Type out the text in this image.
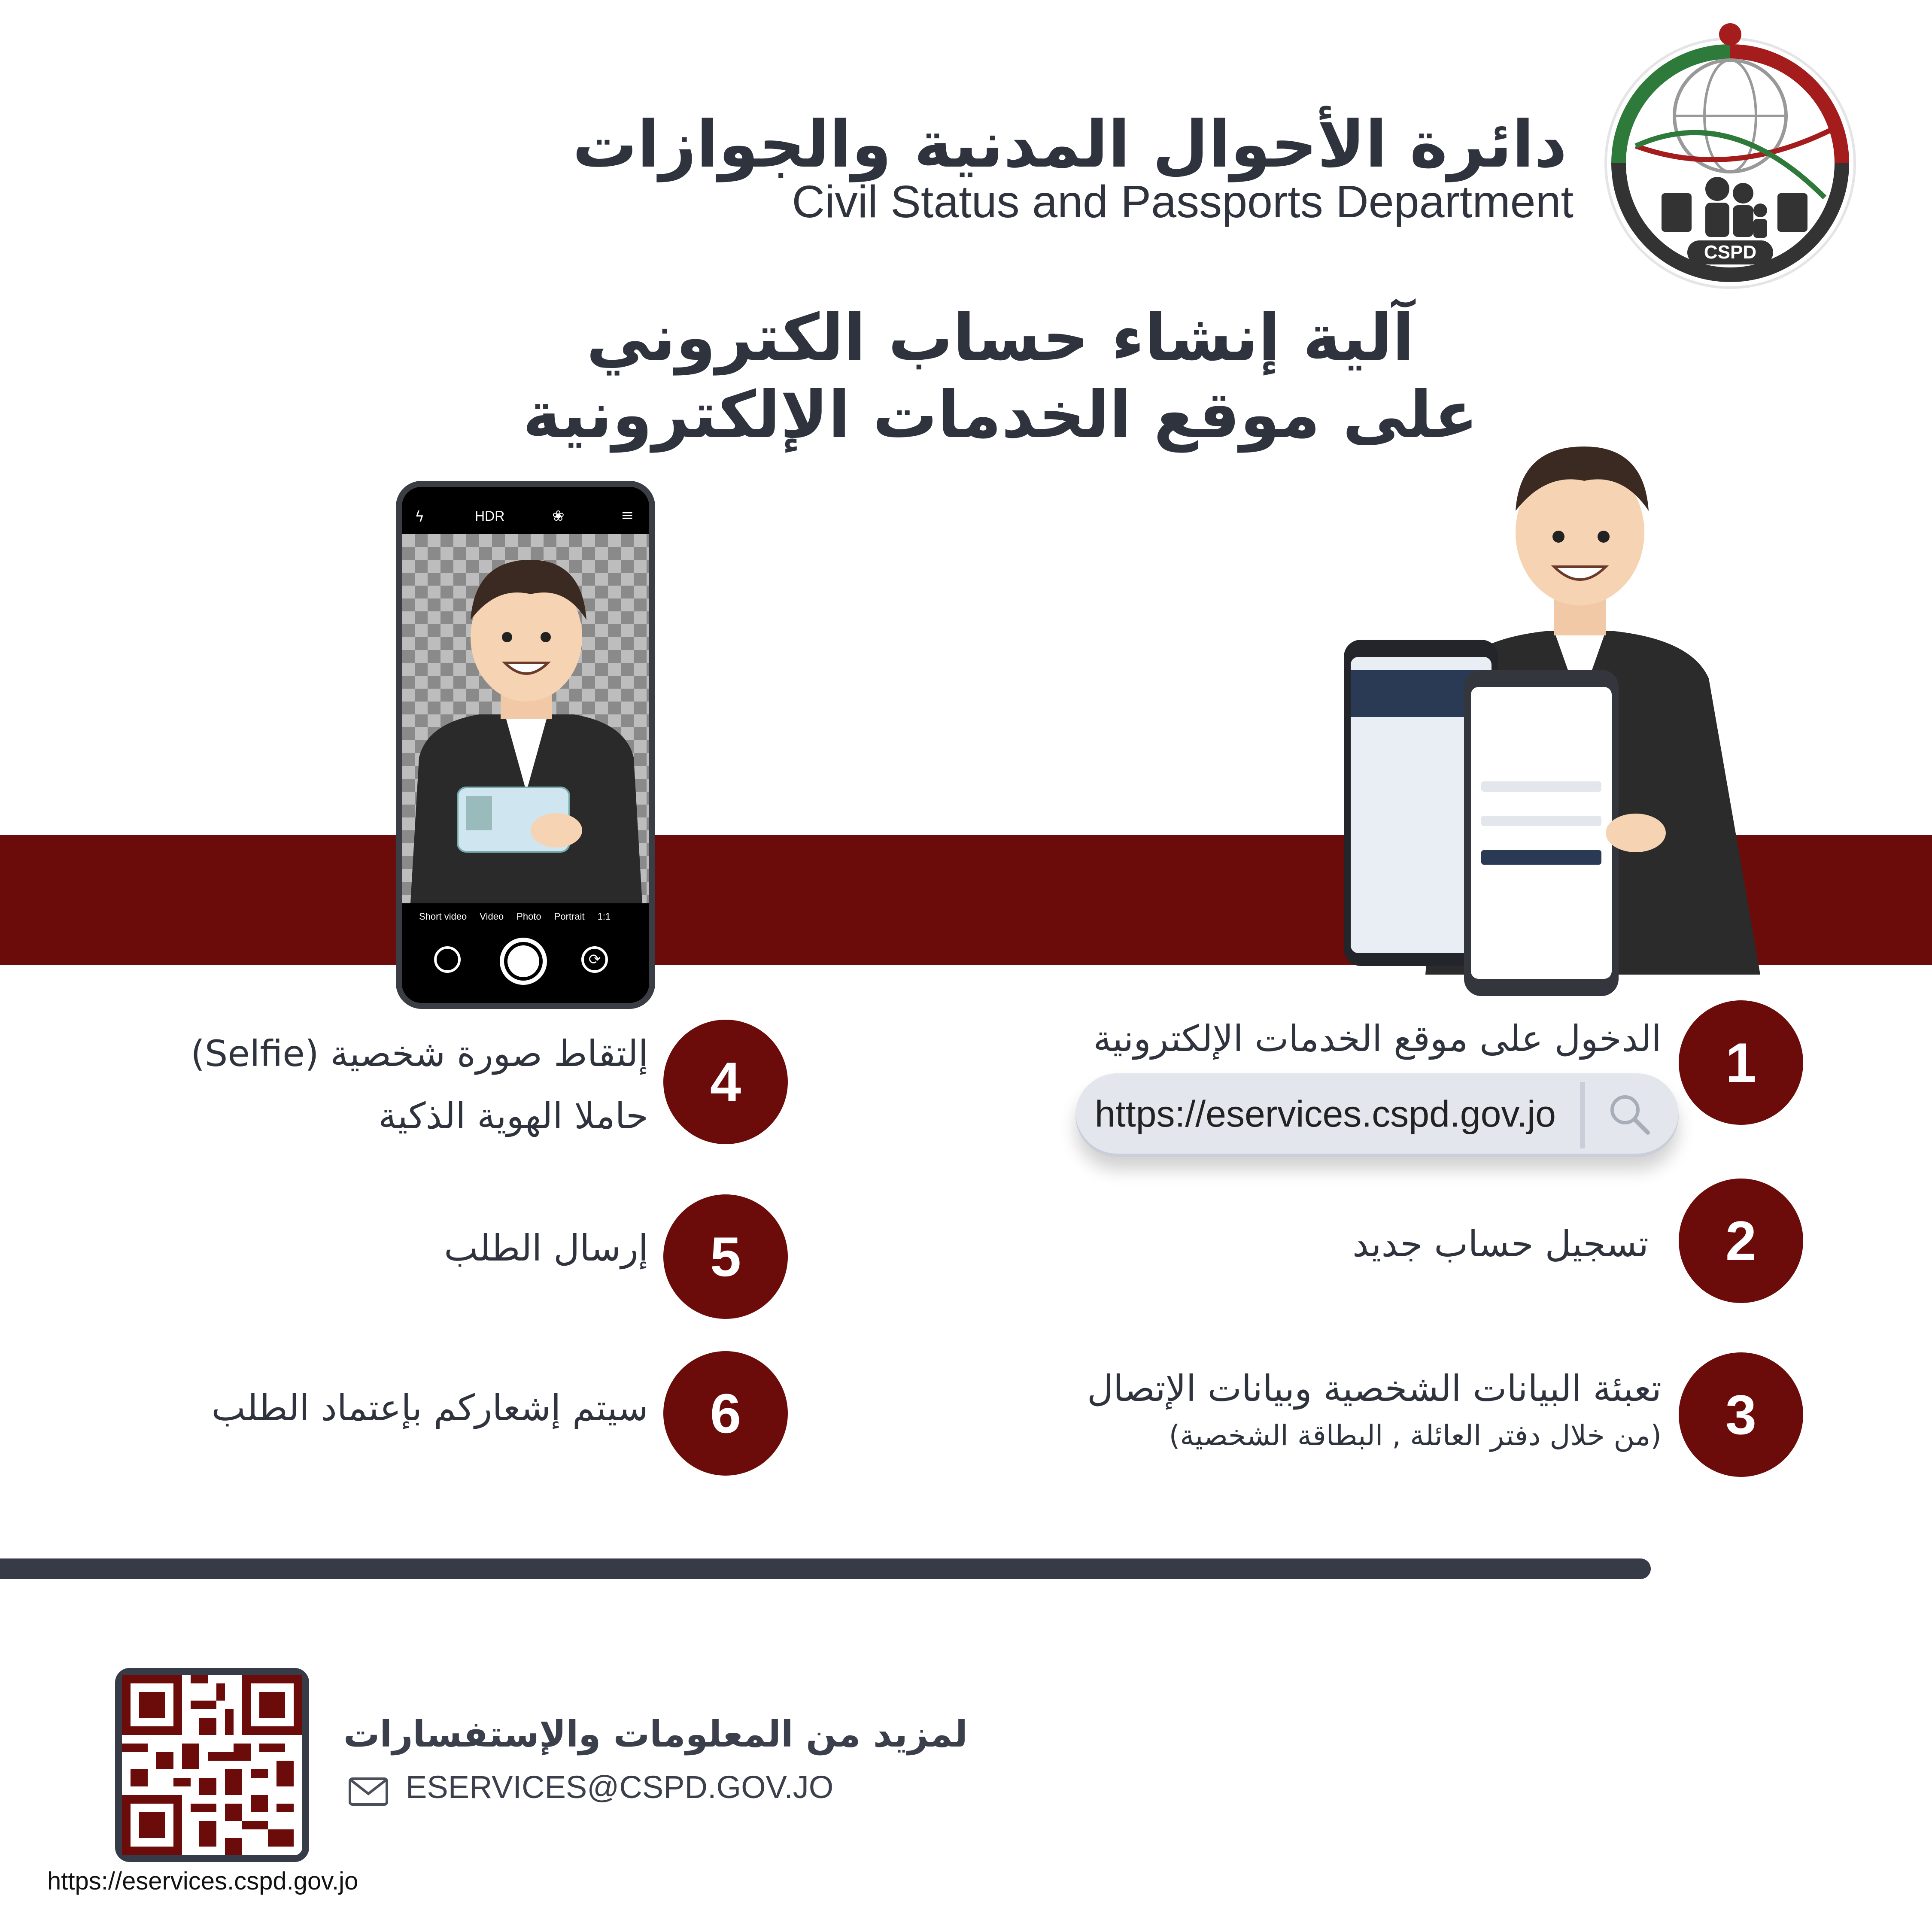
دائرة الأحوال المدنية والجوازات
Civil Status and Passports Department
CSPD
آلية إنشاء حساب الكتروني
على موقع الخدمات الإلكترونية
ϟ	HDR	❀	≡
Short video Video Photo Portrait 1:1
⟳
1
الدخول على موقع الخدمات الإلكترونية
https://eservices.cspd.gov.jo
2
تسجيل حساب جديد
3
تعبئة البيانات الشخصية وبيانات الإتصال
(من خلال دفتر العائلة , البطاقة الشخصية)
4
إلتقاط صورة شخصية (Selfie)
حاملا الهوية الذكية
5
إرسال الطلب
6
سيتم إشعاركم بإعتماد الطلب
لمزيد من المعلومات والإستفسارات
ESERVICES@CSPD.GOV.JO
https://eservices.cspd.gov.jo
